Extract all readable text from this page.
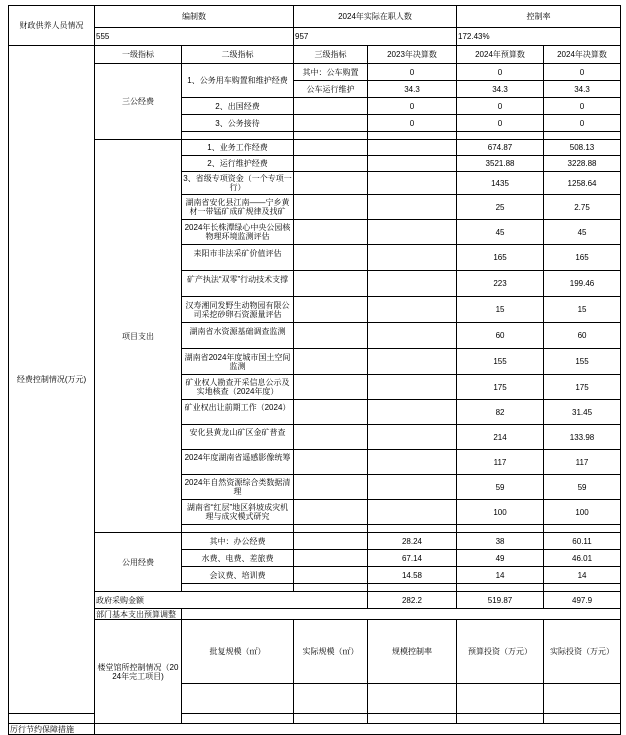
财政供养人员情况	编制数		2024年实际在职人数		控制率		
	555		957		172.43%		
经费控制情况(万元)	一级指标	二级指标	三级指标	2023年决算数	2024年预算数	2024年决算数	
	三公经费	1、公务用车购置和维护经费	其中：公车购置	0	0	0	
			公车运行维护	34.3	34.3	34.3	
		2、出国经费		0	0	0	
		3、公务接待		0	0	0	

	项目支出	1、业务工作经费			674.87	508.13	
		2、运行维护经费			3521.88	3228.88	

		3、省级专项资金（一个专项一行）			1435	1258.64	

		湖南省安化县江南——宁乡黄材一带锰矿成矿规律及找矿			25	2.75	

		2024年长株潭绿心中央公园核物理环境监测评估			45	45	

		耒阳市非法采矿价值评估			165	165	

		矿产执法“双零”行动技术支撑			223	199.46	

		汉寿湘同发野生动物园有限公司采挖砂卵石资源量评估			15	15	

		湖南省水资源基础调查监测			60	60	

		湖南省2024年度城市国土空间监测			155	155	

		矿业权人勘查开采信息公示及实地核查（2024年度）			175	175	

		矿业权出让前期工作（2024）			82	31.45	

		安化县黄龙山矿区金矿普查			214	133.98	

		2024年度湖南省遥感影像统筹			117	117	

		2024年自然资源综合类数据清理			59	59	

		湖南省“红层”地区斜坡成灾机理与成灾模式研究			100	100	

	公用经费	其中：办公经费		28.24	38	60.11	
		水费、电费、差旅费		67.14	49	46.01	
		会议费、培训费		14.58	14	14	

	政府采购金额			282.2	519.87	497.9	
	部门基本支出预算调整						
	楼堂馆所控制情况（2024年完工项目)	批复规模（㎡）	实际规模（㎡）	规模控制率	预算投资（万元）	实际投资（万元）	

厉行节约保障措施							
